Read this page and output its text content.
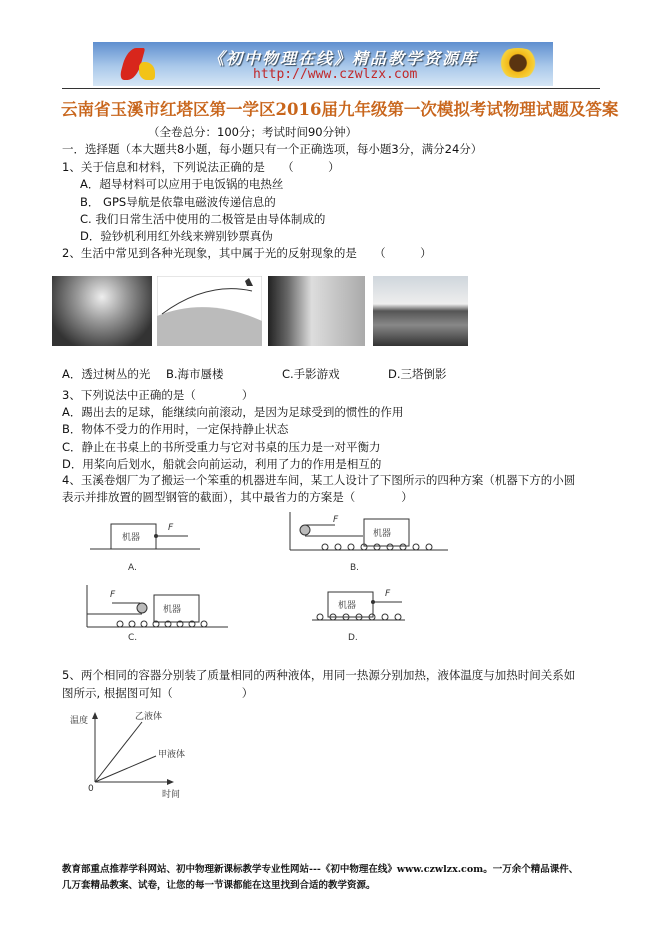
《初中物理在线》精品教学资源库
http://www.czwlzx.com
云南省玉溪市红塔区第一学区2016届九年级第一次模拟考试物理试题及答案
（全卷总分：100分；考试时间90分钟）
一．选择题（本大题共8小题，每小题只有一个正确选项，每小题3分，满分24分）
1、关于信息和材料，下列说法正确的是　　（　　　）
A．超导材料可以应用于电饭锅的电热丝
B． GPS导航是依靠电磁波传递信息的
C. 我们日常生活中使用的二极管是由导体制成的
D．验钞机利用红外线来辨别钞票真伪
2、生活中常见到各种光现象，其中属于光的反射现象的是　　（　　　）
A．透过树丛的光 B.海市蜃楼	C.手影游戏	D.三塔倒影
3、下列说法中正确的是（　　　　）
A．踢出去的足球，能继续向前滚动，是因为足球受到的惯性的作用
B．物体不受力的作用时，一定保持静止状态
C．静止在书桌上的书所受重力与它对书桌的压力是一对平衡力
D．用桨向后划水，船就会向前运动，利用了力的作用是相互的
4、玉溪卷烟厂为了搬运一个笨重的机器进车间，某工人设计了下图所示的四种方案（机器下方的小圆
表示并排放置的圆型钢管的截面），其中最省力的方案是（　　　　）
机器
F
A.
机器
F
B.
机器
F
C.
机器
F
D.
5、两个相同的容器分别装了质量相同的两种液体，用同一热源分别加热，液体温度与加热时间关系如
图所示, 根据图可知（　　　　　　）
温度	乙液体
甲液体
0
时间
教育部重点推荐学科网站、初中物理新课标教学专业性网站---《初中物理在线》www.czwlzx.com。一万余个精品课件、
几万套精品教案、试卷，让您的每一节课都能在这里找到合适的教学资源。
